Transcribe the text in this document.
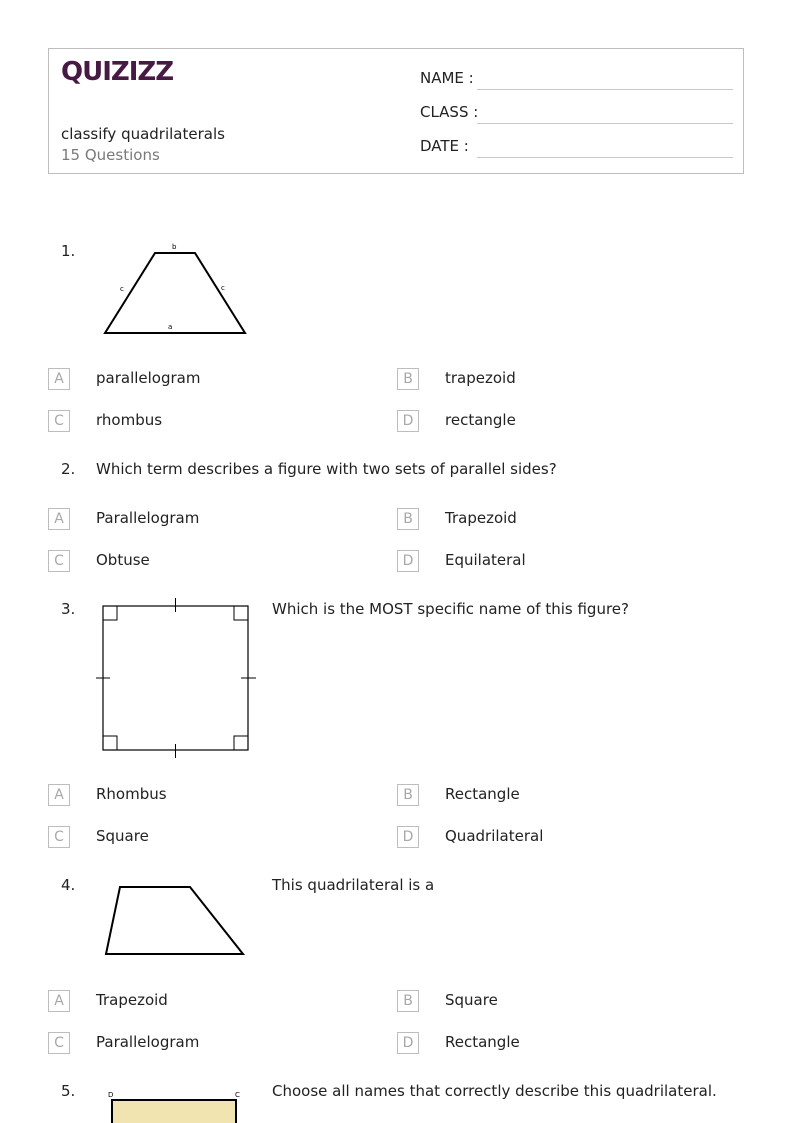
QUIZIZZ
classify quadrilaterals
15 Questions
NAME :
CLASS :
DATE :
1.	b
c	c
a
A	parallelogram	B	trapezoid
C	rhombus	D	rectangle
2. Which term describes a figure with two sets of parallel sides?
A	Parallelogram	B	Trapezoid
C	Obtuse	D	Equilateral
3.	Which is the MOST specific name of this figure?
A	Rhombus	B	Rectangle
C	Square	D	Quadrilateral
4.	This quadrilateral is a
A	Trapezoid	B	Square
C	Parallelogram	D	Rectangle
5.	Choose all names that correctly describe this quadrilateral.
D	C
